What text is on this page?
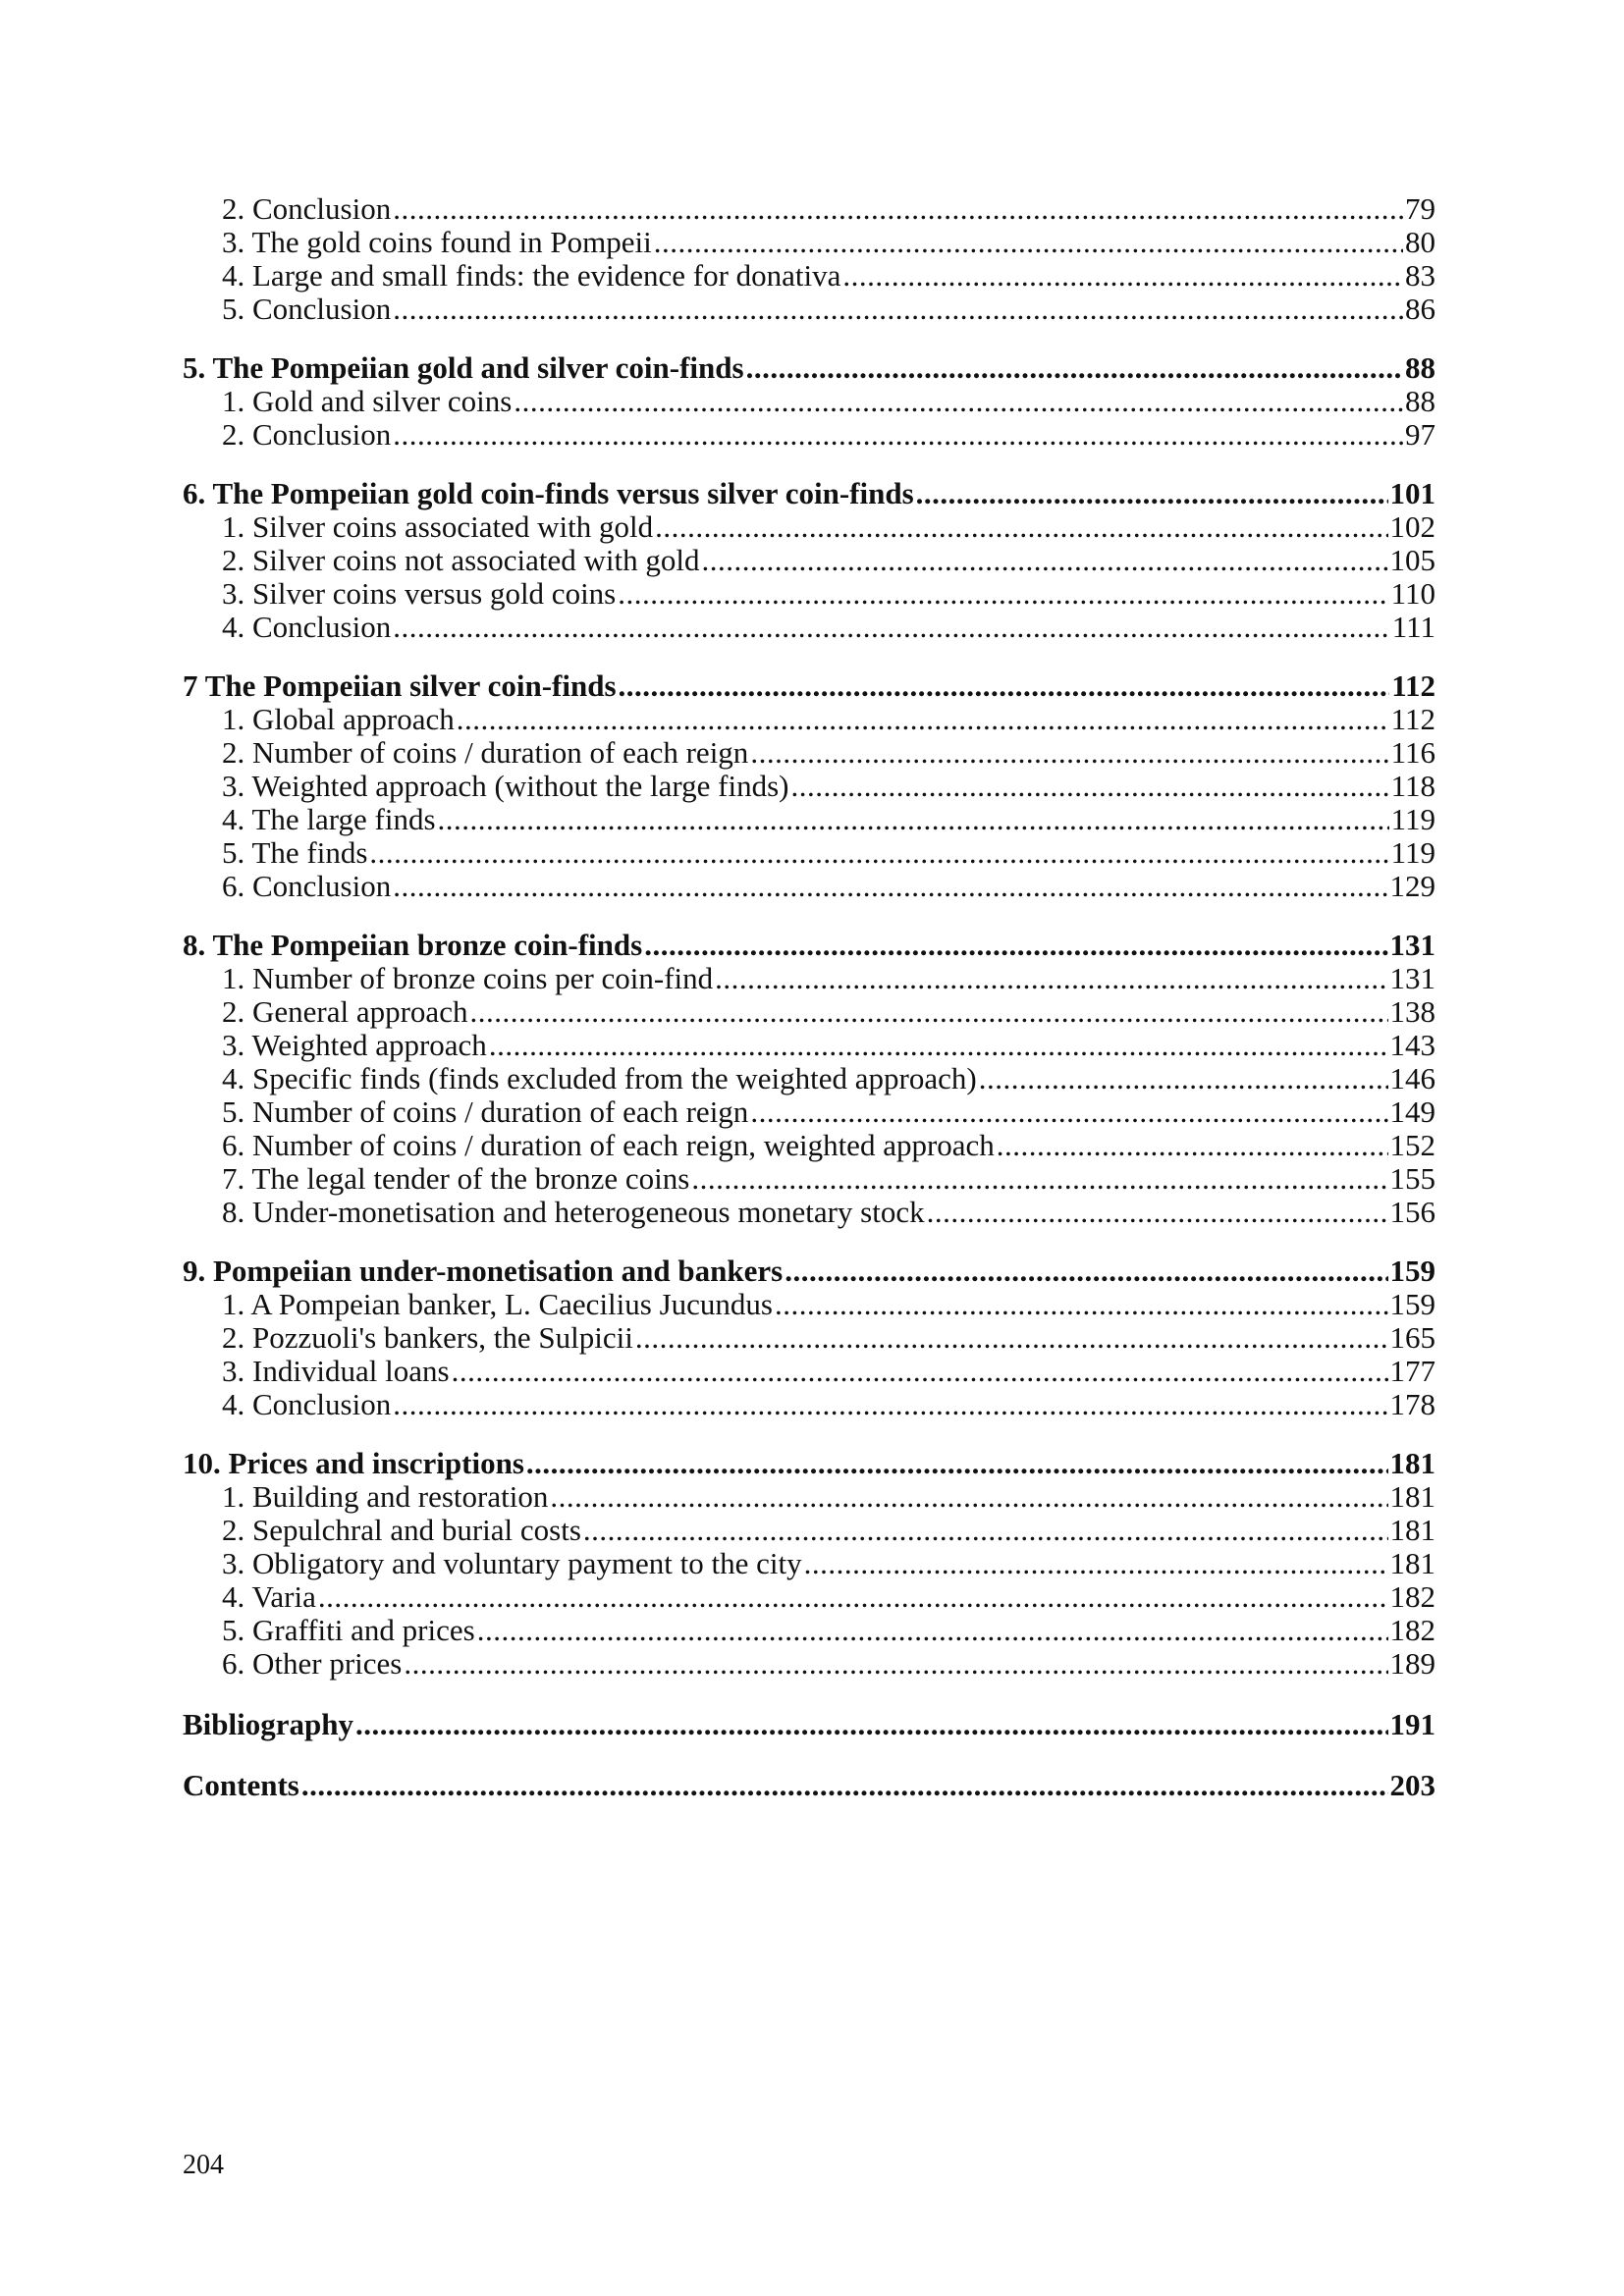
2. Conclusion .....	79
3. The gold coins found in Pompeii .....	80
4. Large and small finds: the evidence for donativa .....	83
5. Conclusion .....	86
5. The Pompeiian gold and silver coin-finds .....	88
1. Gold and silver coins .....	88
2. Conclusion .....	97
6. The Pompeiian gold coin-finds versus silver coin-finds .....	101
1. Silver coins associated with gold .....	102
2. Silver coins not associated with gold .....	105
3. Silver coins versus gold coins .....	110
4. Conclusion .....	111
7 The Pompeiian silver coin-finds .....	112
1. Global approach .....	112
2. Number of coins / duration of each reign .....	116
3. Weighted approach (without the large finds) .....	118
4. The large finds .....	119
5. The finds .....	119
6. Conclusion .....	129
8. The Pompeiian bronze coin-finds .....	131
1. Number of bronze coins per coin-find .....	131
2. General approach .....	138
3. Weighted approach .....	143
4. Specific finds (finds excluded from the weighted approach) .....	146
5. Number of coins / duration of each reign .....	149
6. Number of coins / duration of each reign, weighted approach .....	152
7. The legal tender of the bronze coins .....	155
8. Under-monetisation and heterogeneous monetary stock .....	156
9. Pompeiian under-monetisation and bankers .....	159
1. A Pompeian banker, L. Caecilius Jucundus .....	159
2. Pozzuoli's bankers, the Sulpicii .....	165
3. Individual loans .....	177
4. Conclusion .....	178
10. Prices and inscriptions .....	181
1. Building and restoration .....	181
2. Sepulchral and burial costs .....	181
3. Obligatory and voluntary payment to the city .....	181
4. Varia .....	182
5. Graffiti and prices .....	182
6. Other prices .....	189
Bibliography .....	191
Contents .....	203
204
